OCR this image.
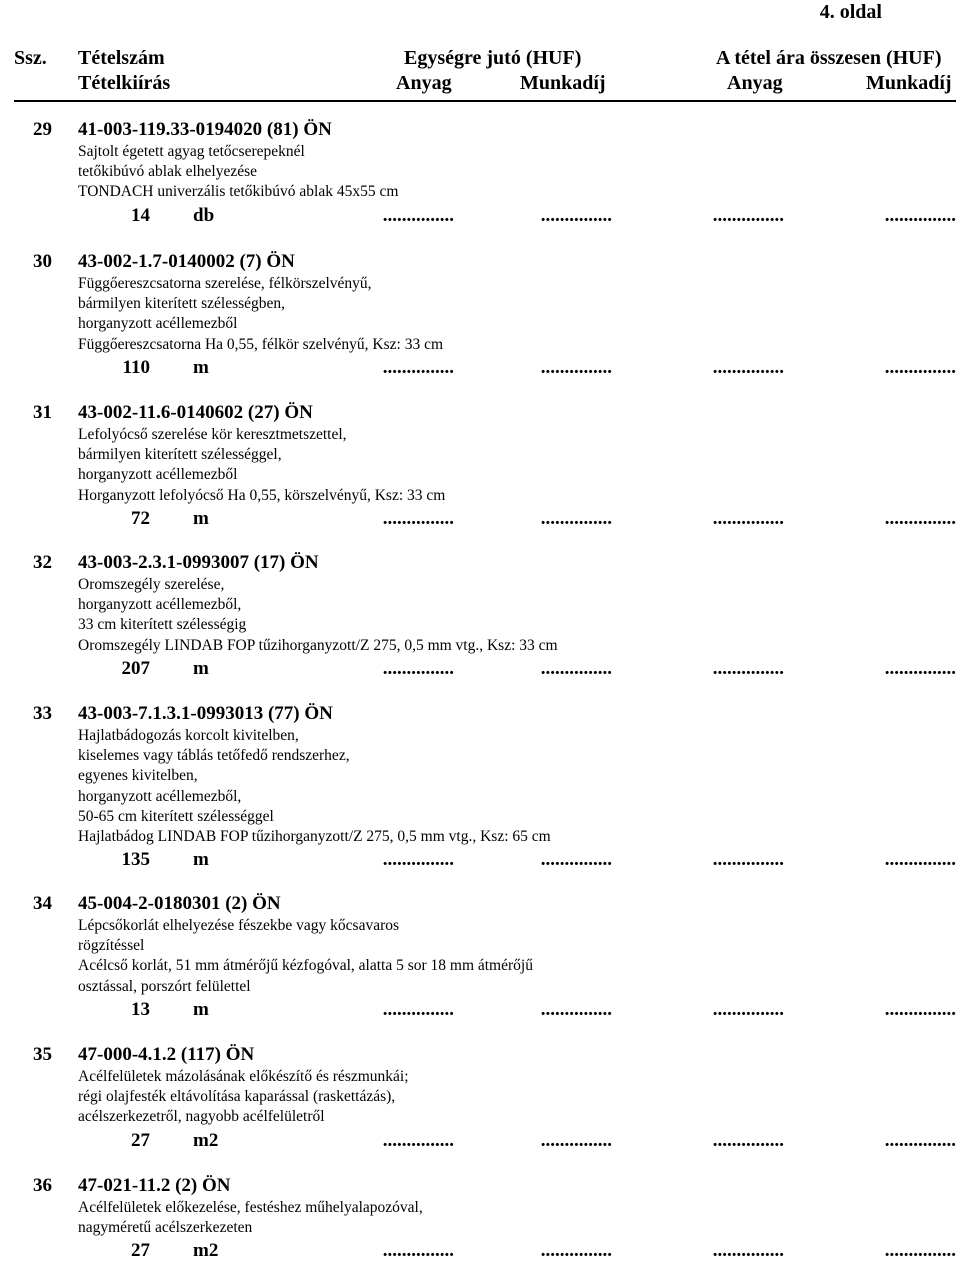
4. oldal
Ssz. Tételszám
Tételkiírás
Egységre jutó (HUF)	A tétel ára összesen (HUF)
Anyag	Munkadíj	Anyag	Munkadíj
29 41-003-119.33-0194020 (81) ÖN
Sajtolt égetett agyag tetőcserepeknél
tetőkibúvó ablak elhelyezése
TONDACH univerzális tetőkibúvó ablak 45x55 cm
14 db	...............	...............	...............	...............
30 43-002-1.7-0140002 (7) ÖN
Függőereszcsatorna szerelése, félkörszelvényű,
bármilyen kiterített szélességben,
horganyzott acéllemezből
Függőereszcsatorna Ha 0,55, félkör szelvényű, Ksz: 33 cm
110 m	...............	...............	...............	...............
31 43-002-11.6-0140602 (27) ÖN
Lefolyócső szerelése kör keresztmetszettel,
bármilyen kiterített szélességgel,
horganyzott acéllemezből
Horganyzott lefolyócső Ha 0,55, körszelvényű, Ksz: 33 cm
72 m	...............	...............	...............	...............
32 43-003-2.3.1-0993007 (17) ÖN
Oromszegély szerelése,
horganyzott acéllemezből,
33 cm kiterített szélességig
Oromszegély LINDAB FOP tűzihorganyzott/Z 275, 0,5 mm vtg., Ksz: 33 cm
207 m	...............	...............	...............	...............
33 43-003-7.1.3.1-0993013 (77) ÖN
Hajlatbádogozás korcolt kivitelben,
kiselemes vagy táblás tetőfedő rendszerhez,
egyenes kivitelben,
horganyzott acéllemezből,
50-65 cm kiterített szélességgel
Hajlatbádog LINDAB FOP tűzihorganyzott/Z 275, 0,5 mm vtg., Ksz: 65 cm
135 m	...............	...............	...............	...............
34 45-004-2-0180301 (2) ÖN
Lépcsőkorlát elhelyezése fészekbe vagy kőcsavaros
rögzítéssel
Acélcső korlát, 51 mm átmérőjű kézfogóval, alatta 5 sor 18 mm átmérőjű
osztással, porszórt felülettel
13 m	...............	...............	...............	...............
35 47-000-4.1.2 (117) ÖN
Acélfelületek mázolásának előkészítő és részmunkái;
régi olajfesték eltávolítása kaparással (raskettázás),
acélszerkezetről, nagyobb acélfelületről
27 m2	...............	...............	...............	...............
36 47-021-11.2 (2) ÖN
Acélfelületek előkezelése, festéshez műhelyalapozóval,
nagyméretű acélszerkezeten
27 m2	...............	...............	...............	...............
